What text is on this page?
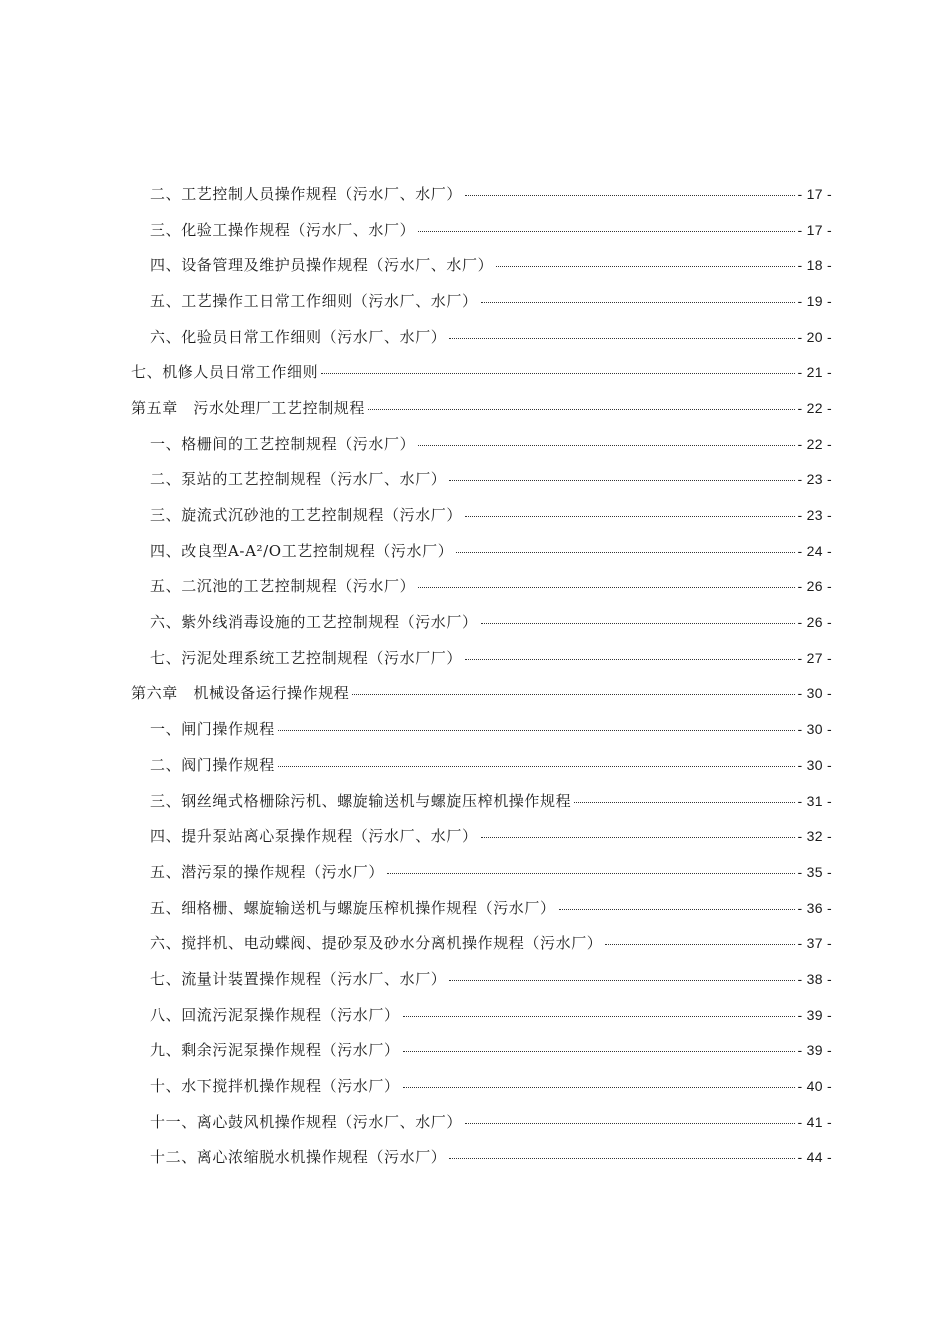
二、工艺控制人员操作规程（污水厂、水厂）	- 17 -
三、化验工操作规程（污水厂、水厂）	- 17 -
四、设备管理及维护员操作规程（污水厂、水厂）	- 18 -
五、工艺操作工日常工作细则（污水厂、水厂）	- 19 -
六、化验员日常工作细则（污水厂、水厂）	- 20 -
七、机修人员日常工作细则	- 21 -
第五章　污水处理厂工艺控制规程	- 22 -
一、格栅间的工艺控制规程（污水厂）	- 22 -
二、泵站的工艺控制规程（污水厂、水厂）	- 23 -
三、旋流式沉砂池的工艺控制规程（污水厂）	- 23 -
四、改良型A-A²/O工艺控制规程（污水厂）	- 24 -
五、二沉池的工艺控制规程（污水厂）	- 26 -
六、紫外线消毒设施的工艺控制规程（污水厂）	- 26 -
七、污泥处理系统工艺控制规程（污水厂厂）	- 27 -
第六章　机械设备运行操作规程	- 30 -
一、闸门操作规程	- 30 -
二、阀门操作规程	- 30 -
三、钢丝绳式格栅除污机、螺旋输送机与螺旋压榨机操作规程	- 31 -
四、提升泵站离心泵操作规程（污水厂、水厂）	- 32 -
五、潜污泵的操作规程（污水厂）	- 35 -
五、细格栅、螺旋输送机与螺旋压榨机操作规程（污水厂）	- 36 -
六、搅拌机、电动蝶阀、提砂泵及砂水分离机操作规程（污水厂）	- 37 -
七、流量计装置操作规程（污水厂、水厂）	- 38 -
八、回流污泥泵操作规程（污水厂）	- 39 -
九、剩余污泥泵操作规程（污水厂）	- 39 -
十、水下搅拌机操作规程（污水厂）	- 40 -
十一、离心鼓风机操作规程（污水厂、水厂）	- 41 -
十二、离心浓缩脱水机操作规程（污水厂）	- 44 -
